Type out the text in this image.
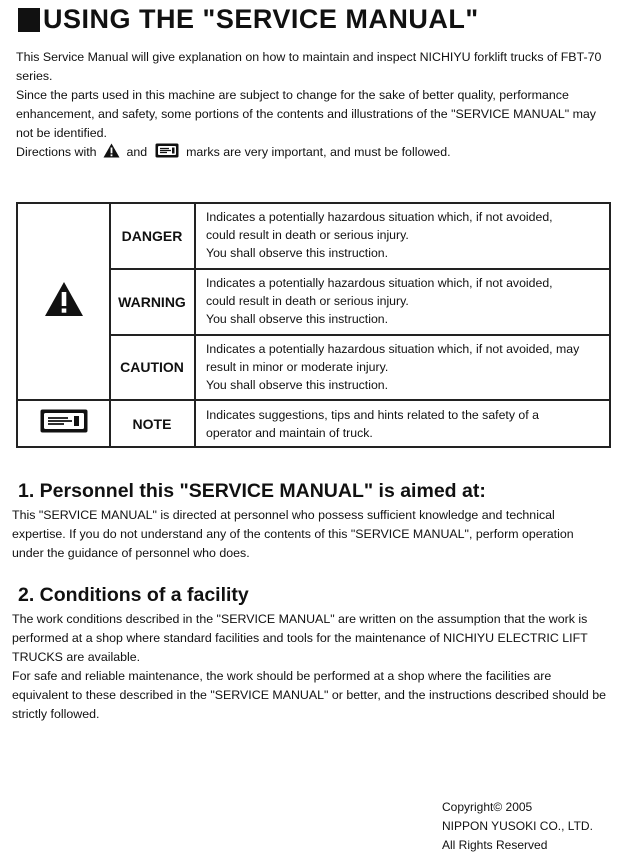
USING THE "SERVICE MANUAL"

This Service Manual will give explanation on how to maintain and inspect NICHIYU forklift trucks of FBT-70 series.

Since the parts used in this machine are subject to change for the sake of better quality, performance enhancement, and safety, some portions of the contents and illustrations of the "SERVICE MANUAL" may not be identified.

Directions with and	marks are very important, and must be followed.

DANGER
WARNING
CAUTION
NOTE
Indicates a potentially hazardous situation which, if not avoided,
could result in death or serious injury.
You shall observe this instruction.
Indicates a potentially hazardous situation which, if not avoided,
could result in death or serious injury.
You shall observe this instruction.
Indicates a potentially hazardous situation which, if not avoided, may
result in minor or moderate injury.
You shall observe this instruction.
Indicates suggestions, tips and hints related to the safety of a
operator and maintain of truck.
1. Personnel this "SERVICE MANUAL" is aimed at:

This "SERVICE MANUAL" is directed at personnel who possess sufficient knowledge and technical expertise. If you do not understand any of the contents of this "SERVICE MANUAL", perform operation under the guidance of personnel who does.

2. Conditions of a facility

The work conditions described in the "SERVICE MANUAL" are written on the assumption that the work is performed at a shop where standard facilities and tools for the maintenance of NICHIYU ELECTRIC LIFT TRUCKS are available.

For safe and reliable maintenance, the work should be performed at a shop where the facilities are equivalent to these described in the "SERVICE MANUAL" or better, and the instructions described should be strictly followed.

Copyright© 2005
NIPPON YUSOKI CO., LTD.
All Rights Reserved
